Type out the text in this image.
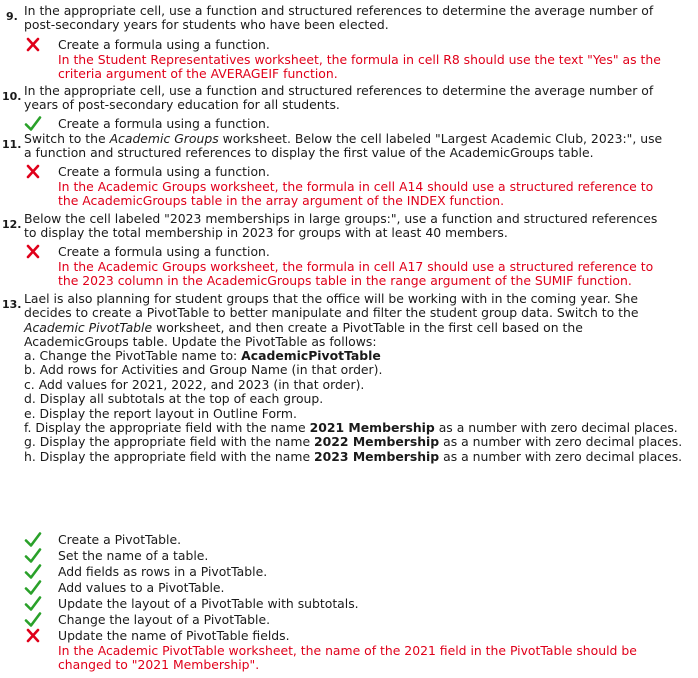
9. In the appropriate cell, use a function and structured references to determine the average number of post-secondary years for students who have been elected.
Create a formula using a function.
In the Student Representatives worksheet, the formula in cell R8 should use the text "Yes" as the criteria argument of the AVERAGEIF function.
10. In the appropriate cell, use a function and structured references to determine the average number of years of post-secondary education for all students.
Create a formula using a function.
11. Switch to the Academic Groups worksheet. Below the cell labeled "Largest Academic Club, 2023:", use a function and structured references to display the first value of the AcademicGroups table.
Create a formula using a function.
In the Academic Groups worksheet, the formula in cell A14 should use a structured reference to the AcademicGroups table in the array argument of the INDEX function.
12. Below the cell labeled "2023 memberships in large groups:", use a function and structured references to display the total membership in 2023 for groups with at least 40 members.
Create a formula using a function.
In the Academic Groups worksheet, the formula in cell A17 should use a structured reference to the 2023 column in the AcademicGroups table in the range argument of the SUMIF function.
13. Lael is also planning for student groups that the office will be working with in the coming year. She decides to create a PivotTable to better manipulate and filter the student group data. Switch to the Academic PivotTable worksheet, and then create a PivotTable in the first cell based on the AcademicGroups table. Update the PivotTable as follows:
a. Change the PivotTable name to: AcademicPivotTable
b. Add rows for Activities and Group Name (in that order).
c. Add values for 2021, 2022, and 2023 (in that order).
d. Display all subtotals at the top of each group.
e. Display the report layout in Outline Form.
f. Display the appropriate field with the name 2021 Membership as a number with zero decimal places.
g. Display the appropriate field with the name 2022 Membership as a number with zero decimal places.
h. Display the appropriate field with the name 2023 Membership as a number with zero decimal places.
Create a PivotTable.
Set the name of a table.
Add fields as rows in a PivotTable.
Add values to a PivotTable.
Update the layout of a PivotTable with subtotals.
Change the layout of a PivotTable.
Update the name of PivotTable fields.
In the Academic PivotTable worksheet, the name of the 2021 field in the PivotTable should be changed to "2021 Membership".
